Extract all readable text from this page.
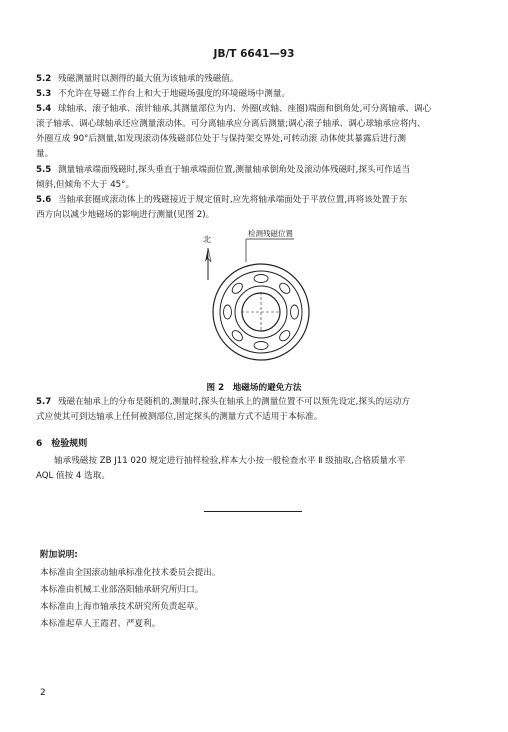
JB/T 6641—93
5.2 残磁测量时以测得的最大值为该轴承的残磁值。
5.3 不允许在导磁工作台上和大于地磁场强度的环境磁场中测量。
5.4 球轴承、滚子轴承、滚针轴承,其测量部位为内、外圈(或轴、座圈)端面和倒角处,可分离轴承、调心
滚子轴承、调心球轴承还应测量滚动体。可分离轴承应分离后测量;调心滚子轴承、调心球轴承应将内、
外圈互成 90°后测量,如发现滚动体残磁部位处于与保持架交界处,可转动滚 动体使其暴露后进行测
量。
5.5 测量轴承端面残磁时,探头垂直于轴承端面位置,测量轴承倒角处及滚动体残磁时,探头可作适当
倾斜,但倾角不大于 45°。
5.6 当轴承套圈或滚动体上的残磁接近于规定值时,应先将轴承端面处于平放位置,再将该处置于东
西方向以减少地磁场的影响进行测量(见图 2)。
北
检测残磁位置
图 2　地磁场的避免方法
5.7 残磁在轴承上的分布是随机的,测量时,探头在轴承上的测量位置不可以预先设定,探头的运动方
式应使其可到达轴承上任何被测部位,固定探头的测量方式不适用于本标准。
6　检验规则
轴承残磁按 ZB J11 020 规定进行抽样检验,样本大小按一般检查水平 Ⅱ 级抽取,合格质量水平
AQL 值按 4 选取。
附加说明:
本标准由全国滚动轴承标准化技术委员会提出。
本标准由机械工业部洛阳轴承研究所归口。
本标准由上海市轴承技术研究所负责起草。
本标准起草人王霞君、严夏利。
2
